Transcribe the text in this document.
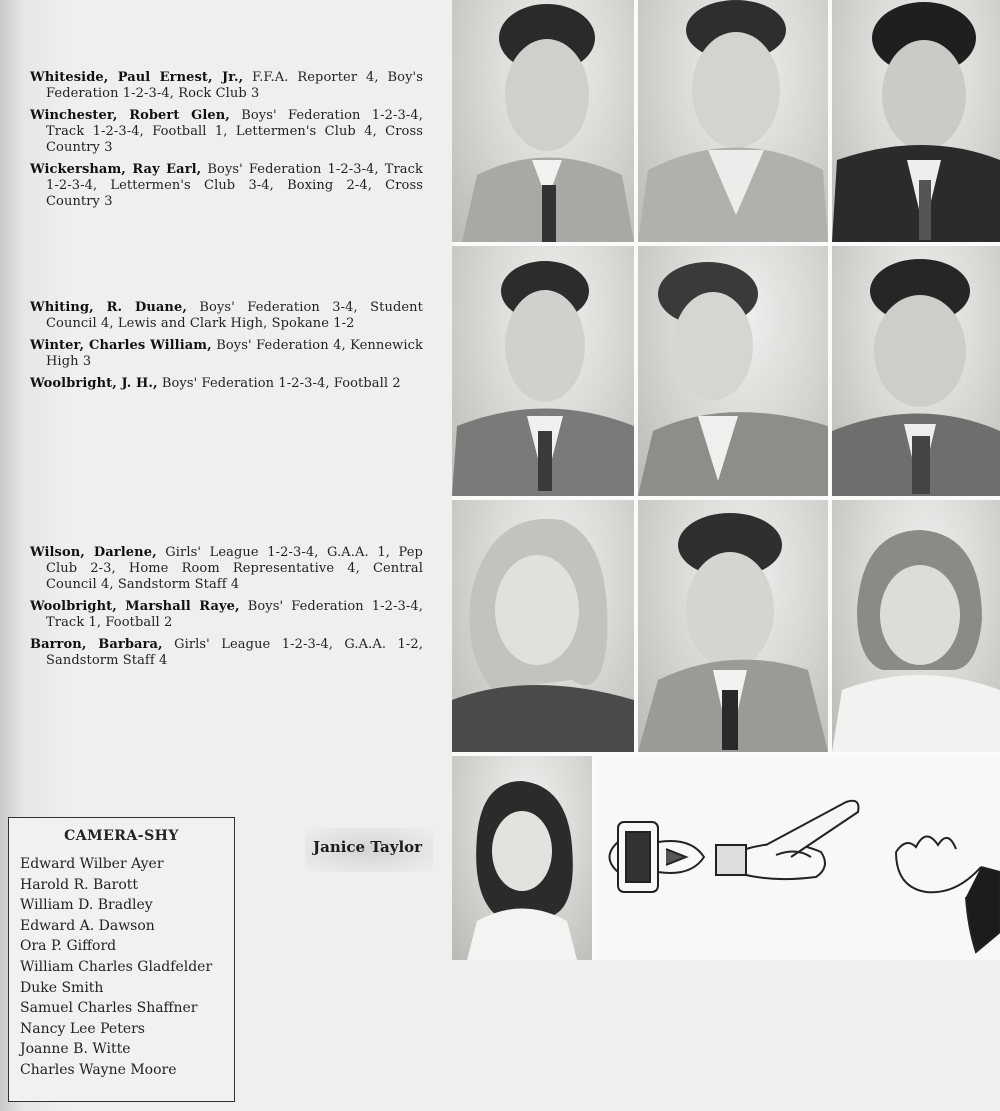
Whiteside, Paul Ernest, Jr., F.F.A. Reporter 4, Boy's Federation 1-2-3-4, Rock Club 3
Winchester, Robert Glen, Boys' Federation 1-2-3-4, Track 1-2-3-4, Football 1, Lettermen's Club 4, Cross Country 3
Wickersham, Ray Earl, Boys' Federation 1-2-3-4, Track 1-2-3-4, Lettermen's Club 3-4, Boxing 2-4, Cross Country 3
Whiting, R. Duane, Boys' Federation 3-4, Student Council 4, Lewis and Clark High, Spokane 1-2
Winter, Charles William, Boys' Federation 4, Kennewick High 3
Woolbright, J. H., Boys' Federation 1-2-3-4, Football 2
Wilson, Darlene, Girls' League 1-2-3-4, G.A.A. 1, Pep Club 2-3, Home Room Representative 4, Central Council 4, Sandstorm Staff 4
Woolbright, Marshall Raye, Boys' Federation 1-2-3-4, Track 1, Football 2
Barron, Barbara, Girls' League 1-2-3-4, G.A.A. 1-2, Sandstorm Staff 4
Janice Taylor
CAMERA-SHY
Edward Wilber Ayer
Harold R. Barott
William D. Bradley
Edward A. Dawson
Ora P. Gifford
William Charles Gladfelder
Duke Smith
Samuel Charles Shaffner
Nancy Lee Peters
Joanne B. Witte
Charles Wayne Moore
